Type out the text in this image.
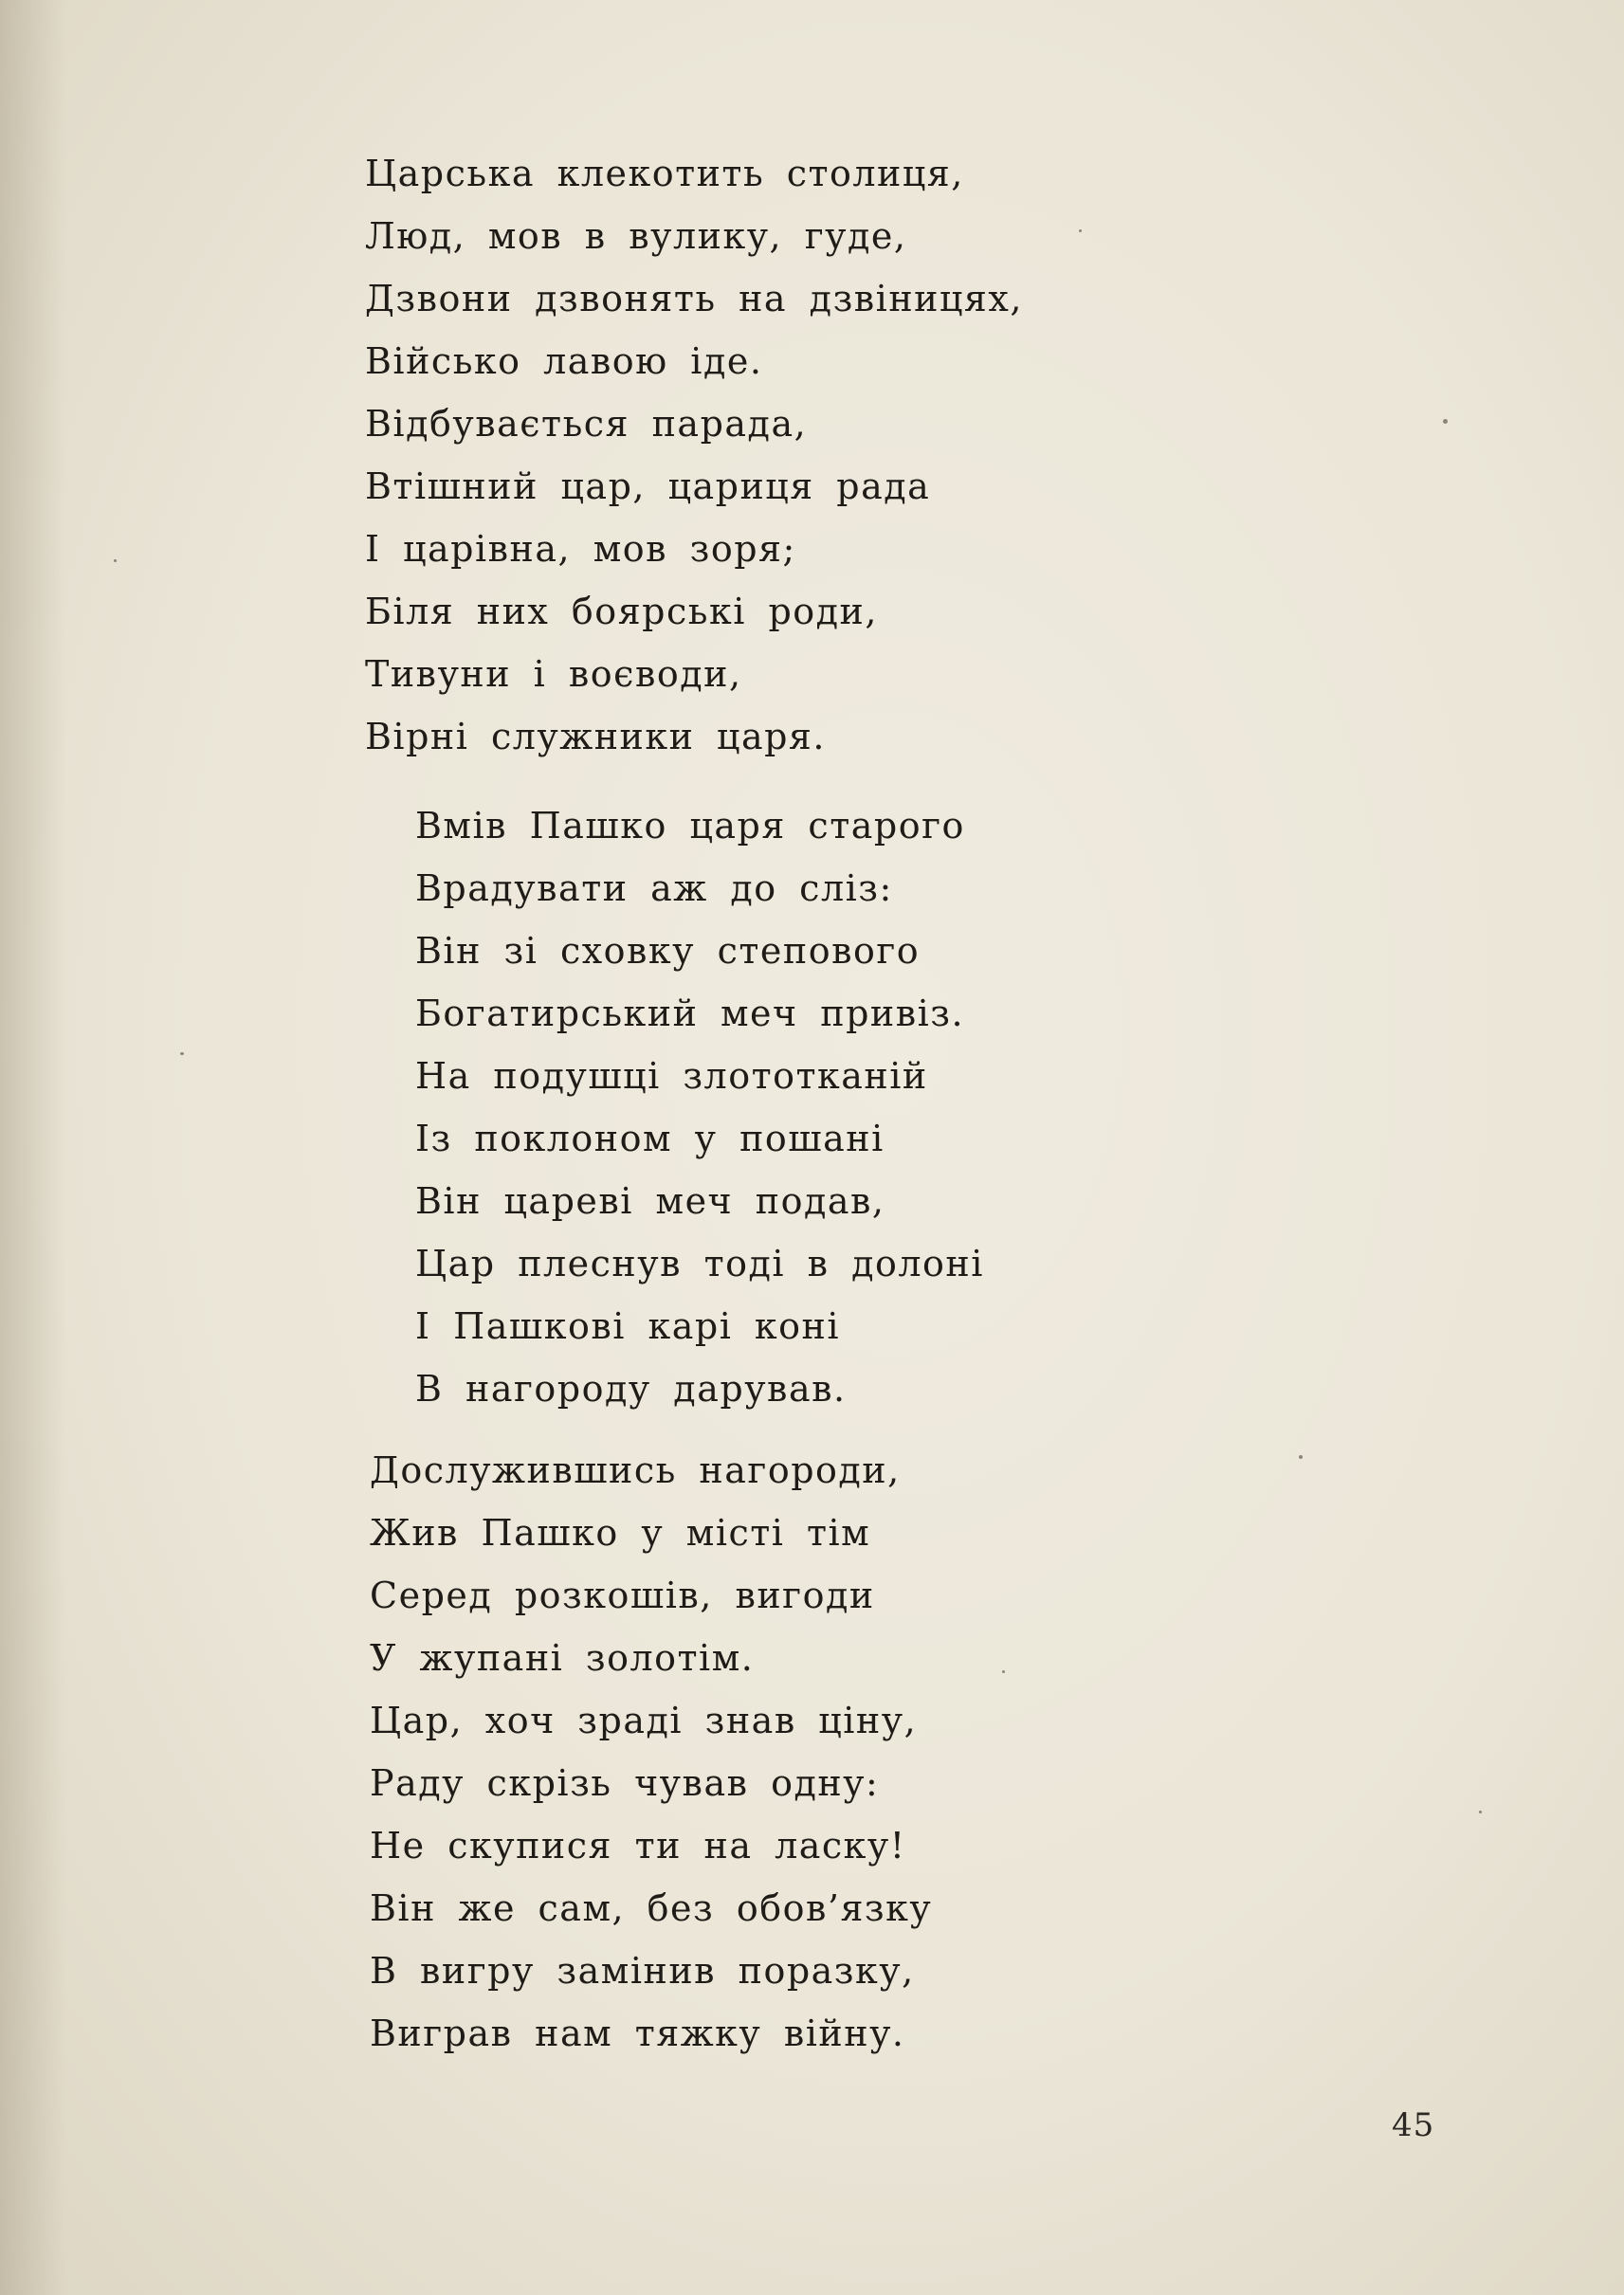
Царська клекотить столиця,
Люд, мов в вулику, гуде,
Дзвони дзвонять на дзвіницях,
Військо лавою іде.
Відбувається парада,
Втішний цар, цариця рада
І царівна, мов зоря;
Біля них боярські роди,
Тивуни і воєводи,
Вірні служники царя.
Вмів Пашко царя старого
Врадувати аж до сліз:
Він зі сховку степового
Богатирський меч привіз.
На подушці злототканій
Із поклоном у пошані
Він цареві меч подав,
Цар плеснув тоді в долоні
І Пашкові карі коні
В нагороду дарував.
Дослужившись нагороди,
Жив Пашко у місті тім
Серед розкошів, вигоди
У жупані золотім.
Цар, хоч зраді знав ціну,
Раду скрізь чував одну:
Не скупися ти на ласку!
Він же сам, без обов’язку
В вигру замінив поразку,
Виграв нам тяжку війну.
45
